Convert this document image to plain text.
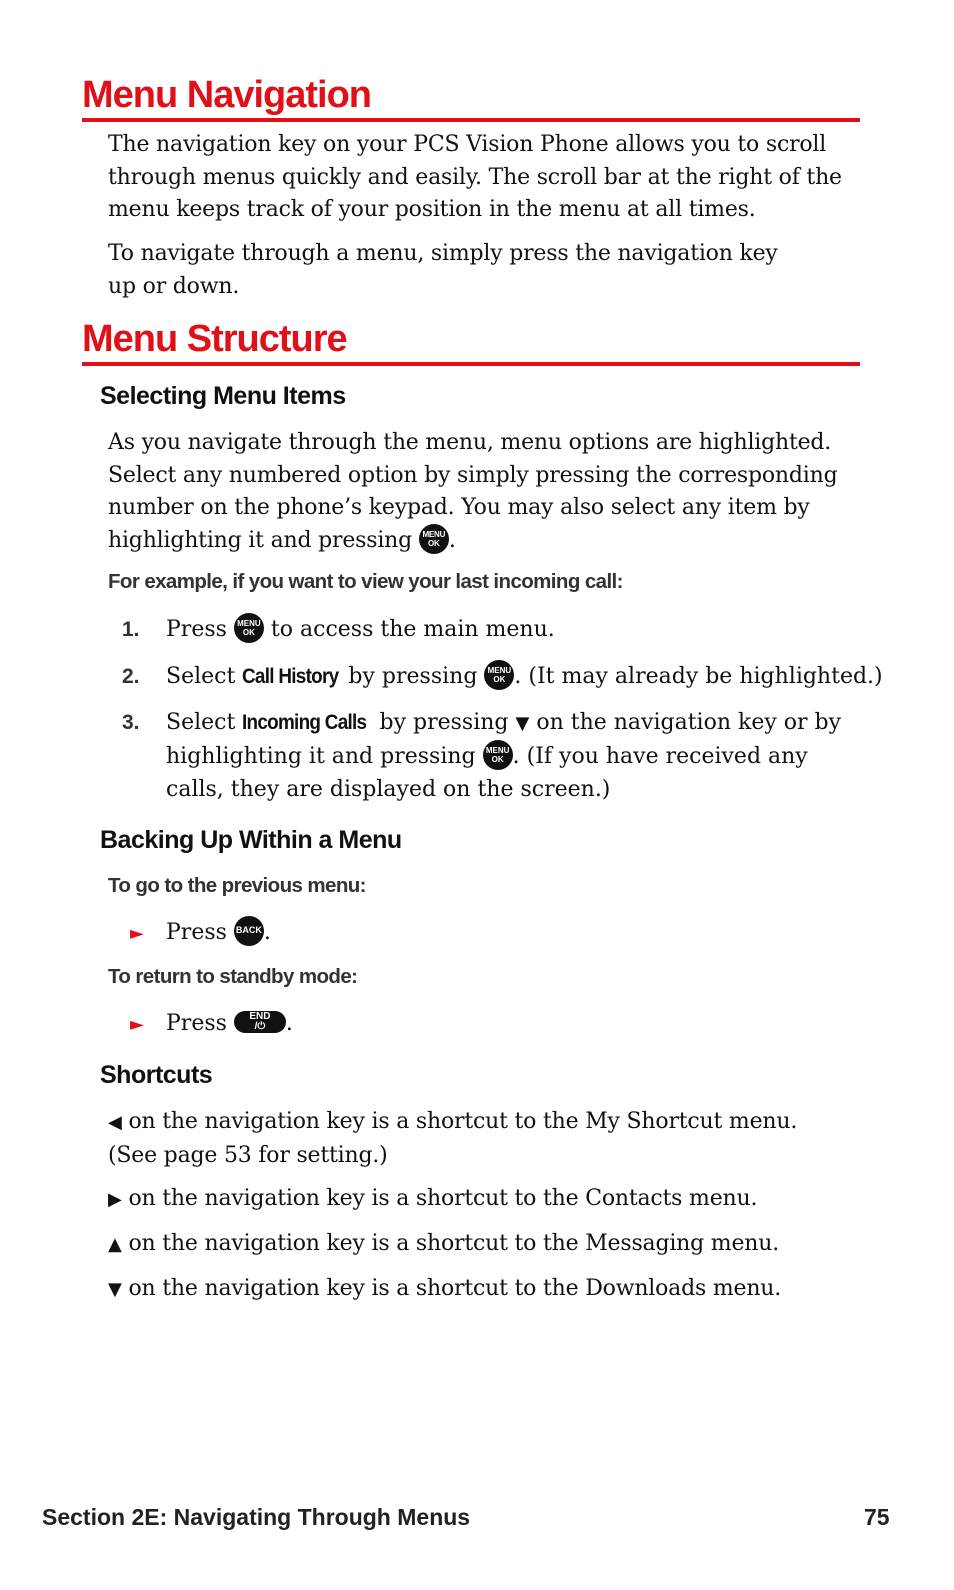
Menu Navigation

The navigation key on your PCS Vision Phone allows you to scroll through menus quickly and easily. The scroll bar at the right of the menu keeps track of your position in the menu at all times.

To navigate through a menu, simply press the navigation key up or down.

Menu Structure
Selecting Menu Items

As you navigate through the menu, menu options are highlighted. Select any numbered option by simply pressing the corresponding number on the phone’s keypad. You may also select any item by highlighting it and pressing MENU
OK .

For example, if you want to view your last incoming call:

1.	Press MENU
OK to access the main menu.
2.	Select Call History by pressing MENU
OK . (It may already be highlighted.)
3.	Select Incoming Calls by pressing ▼ on the navigation key or by highlighting it and pressing MENU
OK . (If you have received any calls, they are displayed on the screen.)
Backing Up Within a Menu

To go to the previous menu:

► Press BACK.

To return to standby mode:

► Press END
/⏻ .
Shortcuts

◀ on the navigation key is a shortcut to the My Shortcut menu.
(See page 53 for setting.)

▶ on the navigation key is a shortcut to the Contacts menu.

▲ on the navigation key is a shortcut to the Messaging menu.

▼ on the navigation key is a shortcut to the Downloads menu.

Section 2E: Navigating Through Menus	75
